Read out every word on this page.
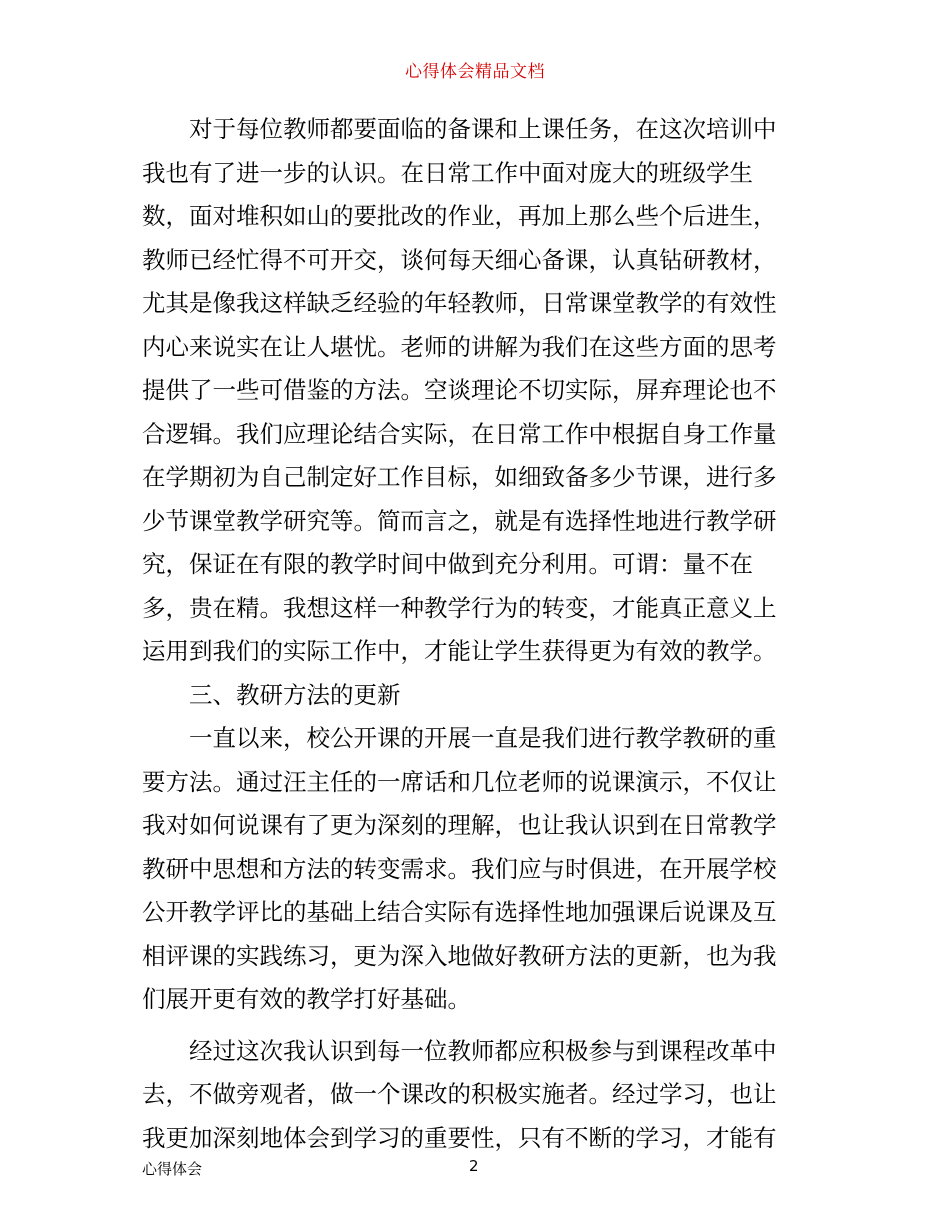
心得体会精品文档
对于每位教师都要面临的备课和上课任务，在这次培训中
我也有了进一步的认识。在日常工作中面对庞大的班级学生
数，面对堆积如山的要批改的作业，再加上那么些个后进生，
教师已经忙得不可开交，谈何每天细心备课，认真钻研教材，
尤其是像我这样缺乏经验的年轻教师，日常课堂教学的有效性
内心来说实在让人堪忧。老师的讲解为我们在这些方面的思考
提供了一些可借鉴的方法。空谈理论不切实际，屏弃理论也不
合逻辑。我们应理论结合实际，在日常工作中根据自身工作量
在学期初为自己制定好工作目标，如细致备多少节课，进行多
少节课堂教学研究等。简而言之，就是有选择性地进行教学研
究，保证在有限的教学时间中做到充分利用。可谓：量不在
多，贵在精。我想这样一种教学行为的转变，才能真正意义上
运用到我们的实际工作中，才能让学生获得更为有效的教学。
三、教研方法的更新
一直以来，校公开课的开展一直是我们进行教学教研的重
要方法。通过汪主任的一席话和几位老师的说课演示，不仅让
我对如何说课有了更为深刻的理解，也让我认识到在日常教学
教研中思想和方法的转变需求。我们应与时俱进，在开展学校
公开教学评比的基础上结合实际有选择性地加强课后说课及互
相评课的实践练习，更为深入地做好教研方法的更新，也为我
们展开更有效的教学打好基础。
经过这次我认识到每一位教师都应积极参与到课程改革中
去，不做旁观者，做一个课改的积极实施者。经过学习，也让
我更加深刻地体会到学习的重要性，只有不断的学习，才能有
心得体会	2
